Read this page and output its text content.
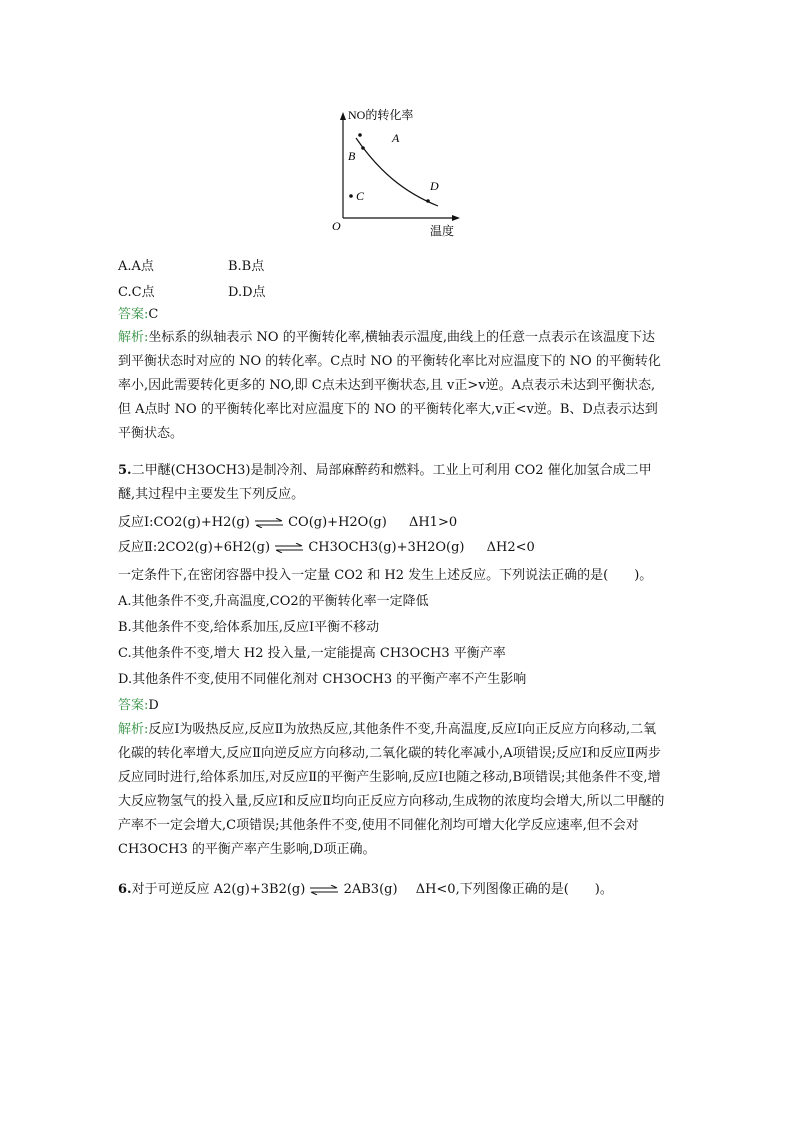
NO的转化率
温度
O
A
B
C
D
A.A点	B.B点
C.C点	D.D点
答案:C
解析:坐标系的纵轴表示 NO 的平衡转化率,横轴表示温度,曲线上的任意一点表示在该温度下达到平衡状态时对应的 NO 的转化率。C点时 NO 的平衡转化率比对应温度下的 NO 的平衡转化率小,因此需要转化更多的 NO,即 C点未达到平衡状态,且 v正>v逆。A点表示未达到平衡状态,但 A点时 NO 的平衡转化率比对应温度下的 NO 的平衡转化率大,v正<v逆。B、D点表示达到平衡状态。
5.二甲醚(CH3OCH3)是制冷剂、局部麻醉药和燃料。工业上可利用 CO2 催化加氢合成二甲醚,其过程中主要发生下列反应。
反应Ⅰ:CO2(g)+H2(g) ⇌ CO(g)+H2O(g) ΔH1>0
反应Ⅱ:2CO2(g)+6H2(g) ⇌ CH3OCH3(g)+3H2O(g) ΔH2<0
一定条件下,在密闭容器中投入一定量 CO2 和 H2 发生上述反应。下列说法正确的是(　　)。
A.其他条件不变,升高温度,CO2的平衡转化率一定降低
B.其他条件不变,给体系加压,反应Ⅰ平衡不移动
C.其他条件不变,增大 H2 投入量,一定能提高 CH3OCH3 平衡产率
D.其他条件不变,使用不同催化剂对 CH3OCH3 的平衡产率不产生影响
答案:D
解析:反应Ⅰ为吸热反应,反应Ⅱ为放热反应,其他条件不变,升高温度,反应Ⅰ向正反应方向移动,二氧化碳的转化率增大,反应Ⅱ向逆反应方向移动,二氧化碳的转化率减小,A项错误;反应Ⅰ和反应Ⅱ两步反应同时进行,给体系加压,对反应Ⅱ的平衡产生影响,反应Ⅰ也随之移动,B项错误;其他条件不变,增大反应物氢气的投入量,反应Ⅰ和反应Ⅱ均向正反应方向移动,生成物的浓度均会增大,所以二甲醚的产率不一定会增大,C项错误;其他条件不变,使用不同催化剂均可增大化学反应速率,但不会对 CH3OCH3 的平衡产率产生影响,D项正确。
6.对于可逆反应 A2(g)+3B2(g) ⇌ 2AB3(g) ΔH<0,下列图像正确的是(　　)。
